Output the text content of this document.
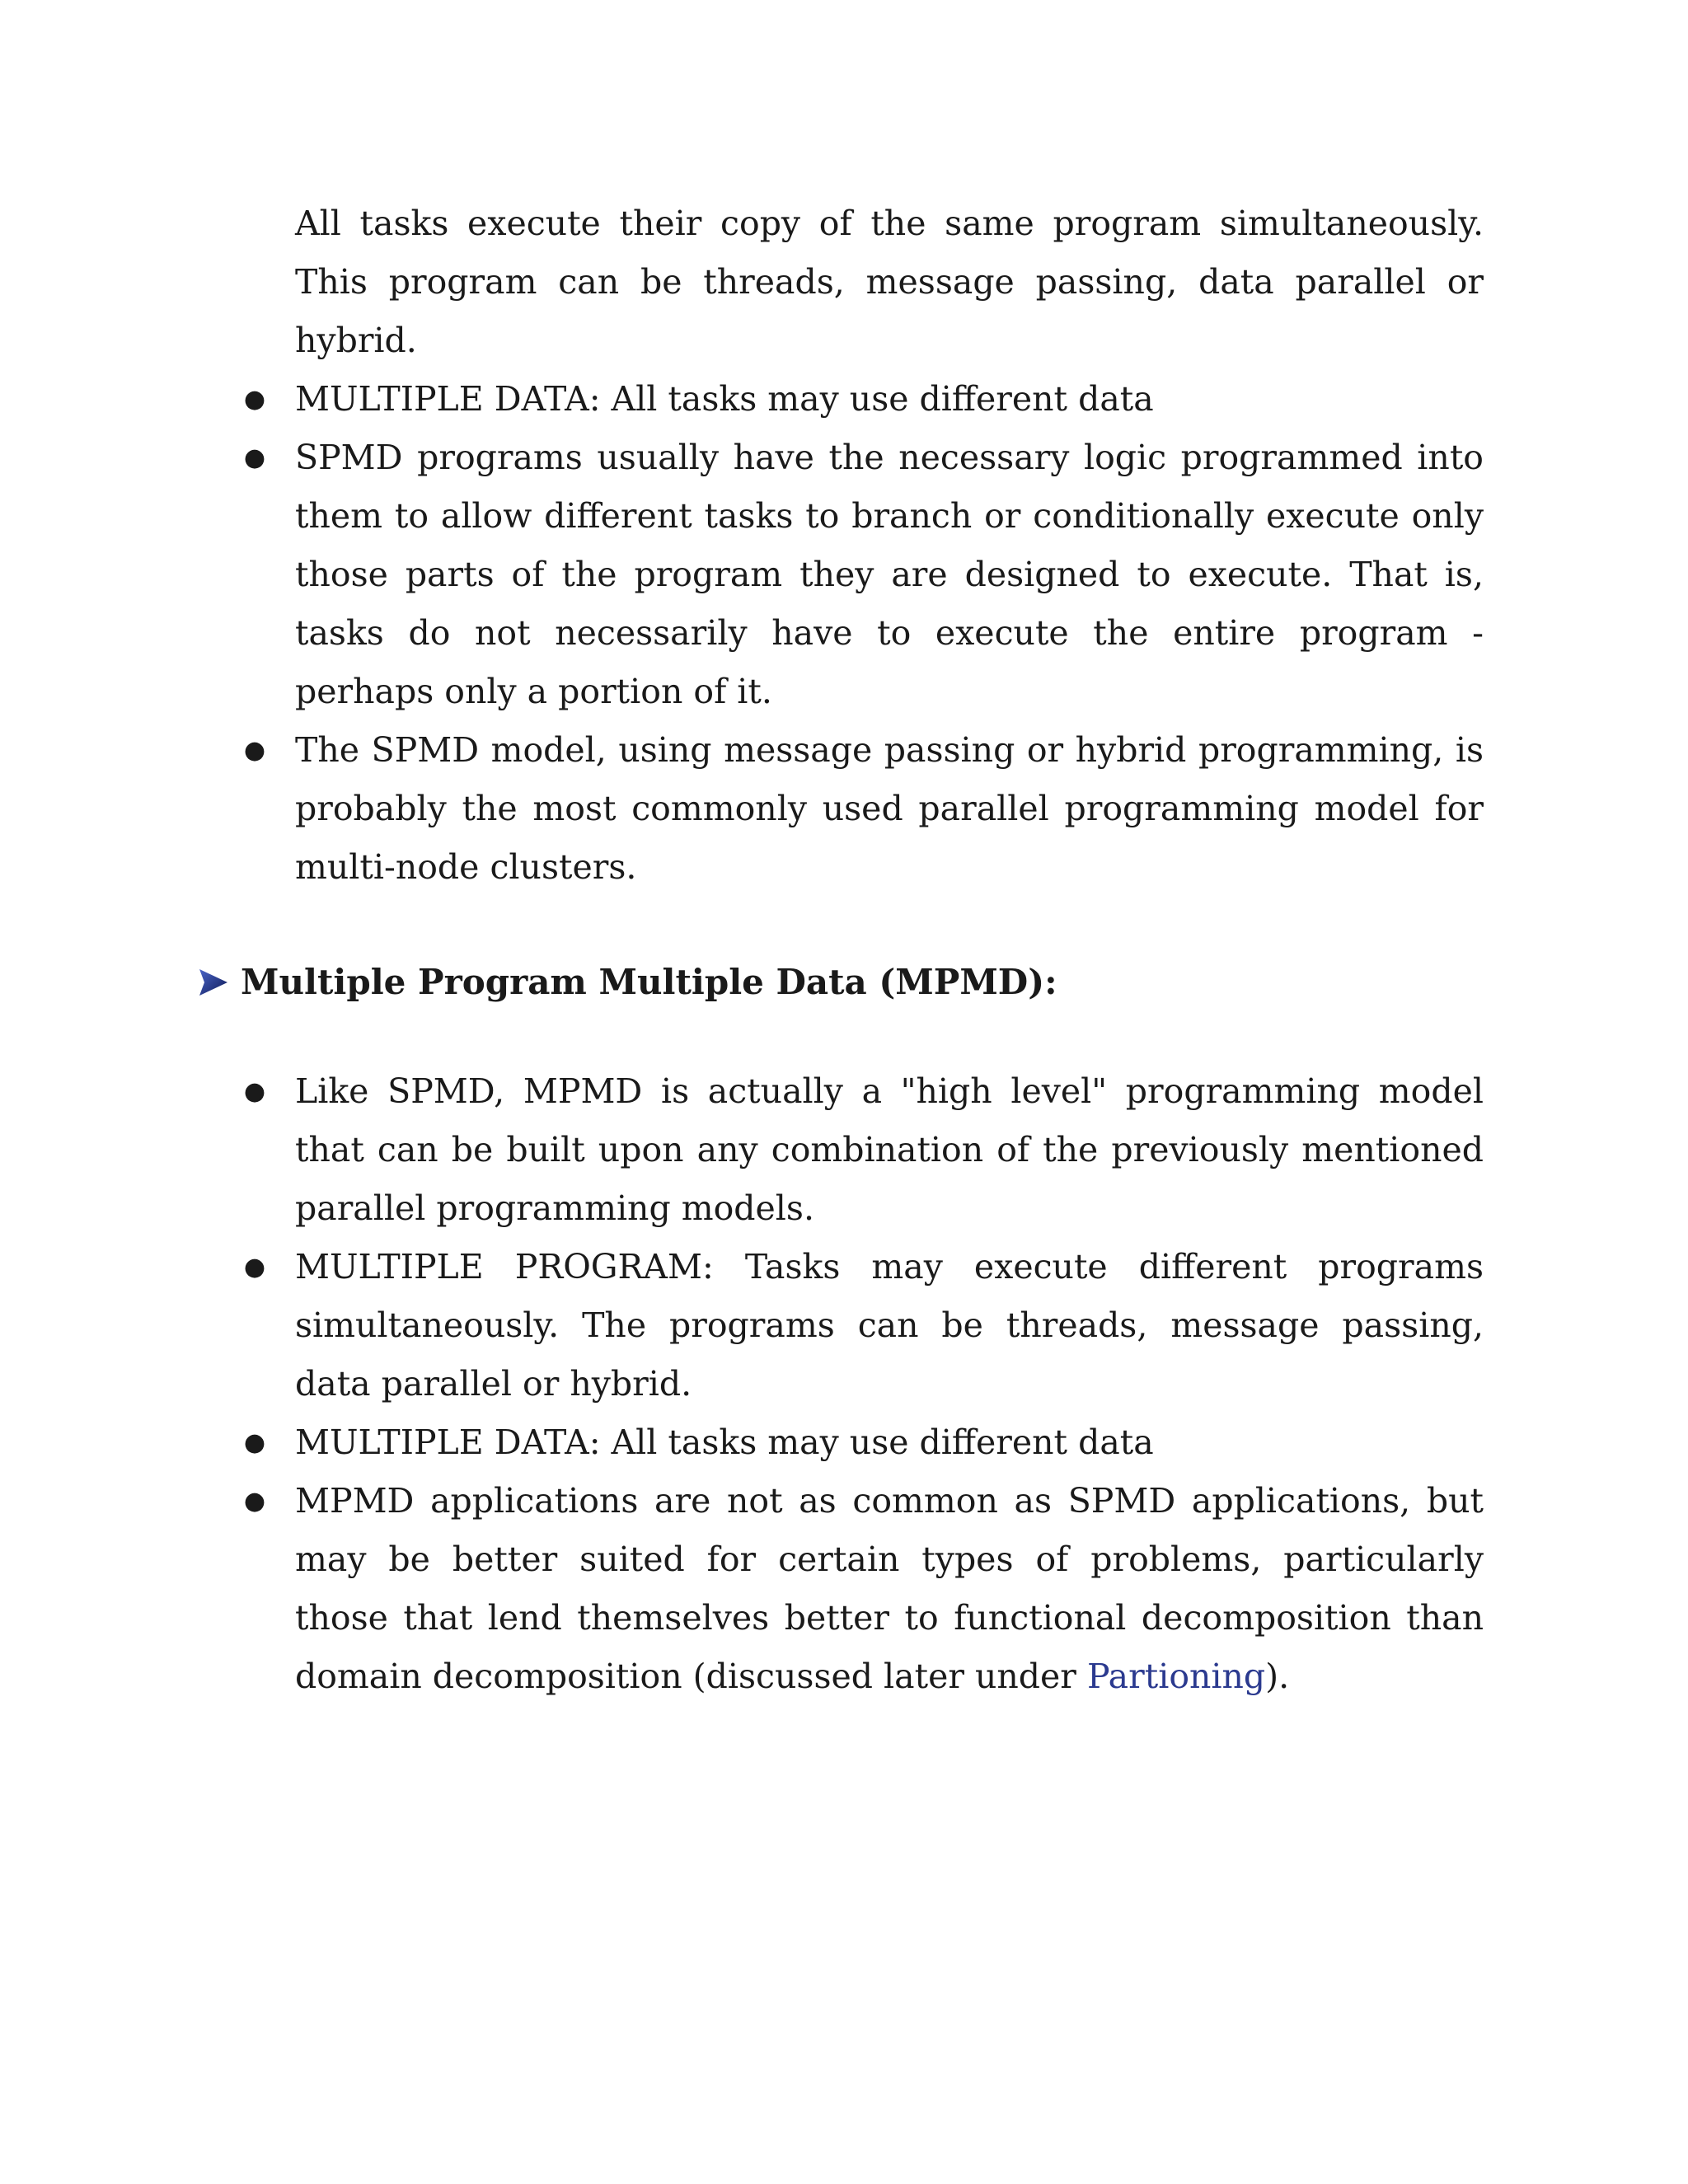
All tasks execute their copy of the same program simultaneously. This program can be threads, message passing, data parallel or hybrid.

● MULTIPLE DATA: All tasks may use different data
● SPMD programs usually have the necessary logic programmed into them to allow different tasks to branch or conditionally execute only those parts of the program they are designed to execute. That is, tasks do not necessarily have to execute the entire program - perhaps only a portion of it.
● The SPMD model, using message passing or hybrid programming, is probably the most commonly used parallel programming model for multi-node clusters.
Multiple Program Multiple Data (MPMD):
● Like SPMD, MPMD is actually a "high level" programming model that can be built upon any combination of the previously mentioned parallel programming models.
● MULTIPLE PROGRAM: Tasks may execute different programs simultaneously. The programs can be threads, message passing, data parallel or hybrid.
● MULTIPLE DATA: All tasks may use different data
● MPMD applications are not as common as SPMD applications, but may be better suited for certain types of problems, particularly those that lend themselves better to functional decomposition than domain decomposition (discussed later under Partioning).
